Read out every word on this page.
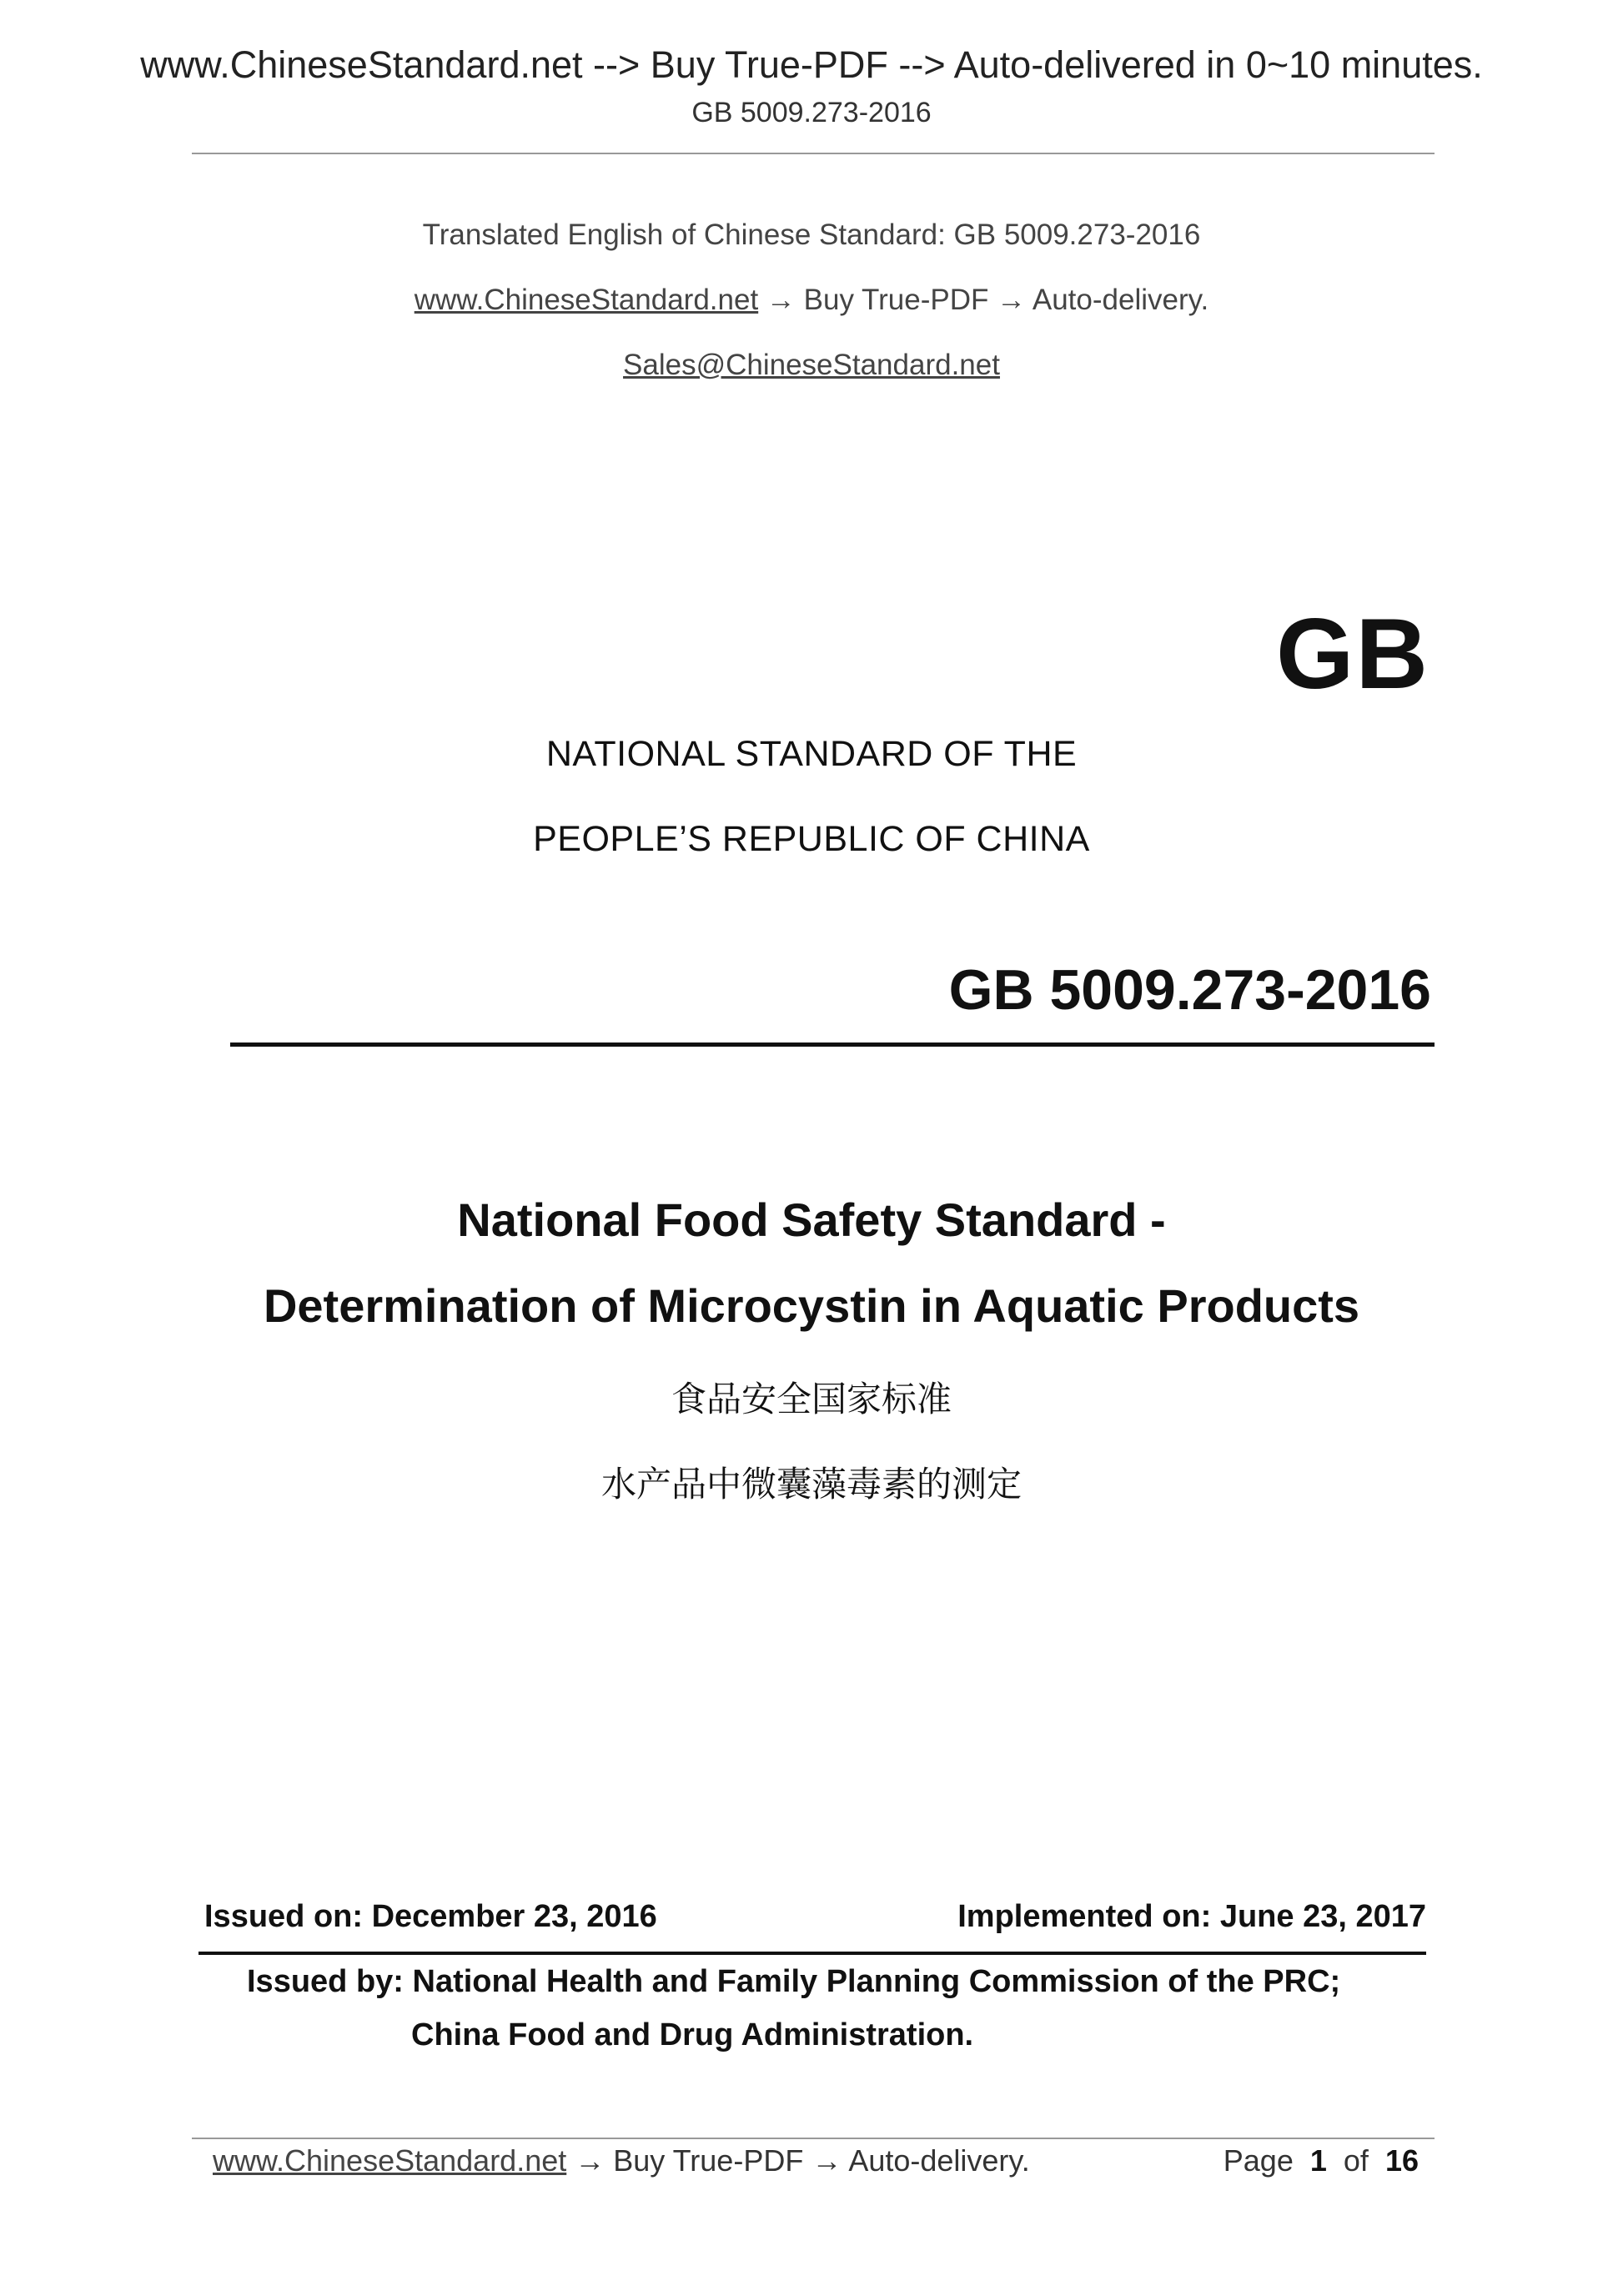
www.ChineseStandard.net --> Buy True-PDF --> Auto-delivered in 0~10 minutes.
GB 5009.273-2016
Translated English of Chinese Standard: GB 5009.273-2016
www.ChineseStandard.net → Buy True-PDF → Auto-delivery.
Sales@ChineseStandard.net
GB
NATIONAL STANDARD OF THE
PEOPLE’S REPUBLIC OF CHINA
GB 5009.273-2016
National Food Safety Standard -
Determination of Microcystin in Aquatic Products
食品安全国家标准
水产品中微囊藻毒素的测定
Issued on: December 23, 2016	Implemented on: June 23, 2017
Issued by: National Health and Family Planning Commission of the PRC;
China Food and Drug Administration.
www.ChineseStandard.net → Buy True-PDF → Auto-delivery.	Page 1 of 16
